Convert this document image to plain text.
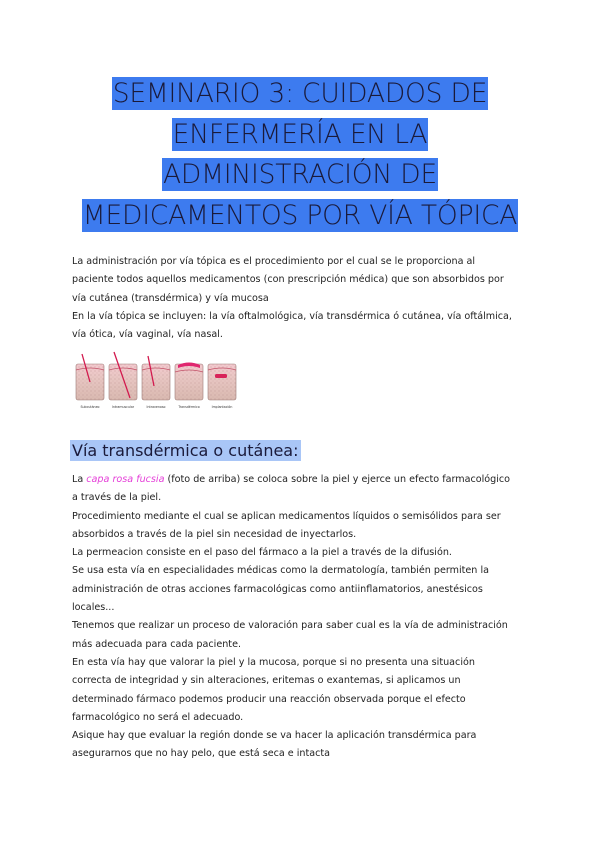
SEMINARIO 3: CUIDADOS DE
ENFERMERÍA EN LA
ADMINISTRACIÓN DE
MEDICAMENTOS POR VÍA TÓPICA
La administración por vía tópica es el procedimiento por el cual se le proporciona al
paciente todos aquellos medicamentos (con prescripción médica) que son absorbidos por
vía cutánea (transdérmica) y vía mucosa
En la vía tópica se incluyen: la vía oftalmológica, vía transdérmica ó cutánea, vía oftálmica,
vía ótica, vía vaginal, vía nasal.
Subcutáneo	Intramuscular	Intravenoso	Transdérmico	Implantación
Vía transdérmica o cutánea:
La capa rosa fucsia (foto de arriba) se coloca sobre la piel y ejerce un efecto farmacológico
a través de la piel.
Procedimiento mediante el cual se aplican medicamentos líquidos o semisólidos para ser
absorbidos a través de la piel sin necesidad de inyectarlos.
La permeacion consiste en el paso del fármaco a la piel a través de la difusión.
Se usa esta vía en especialidades médicas como la dermatología, también permiten la
administración de otras acciones farmacológicas como antiinflamatorios, anestésicos
locales...
Tenemos que realizar un proceso de valoración para saber cual es la vía de administración
más adecuada para cada paciente.
En esta vía hay que valorar la piel y la mucosa, porque si no presenta una situación
correcta de integridad y sin alteraciones, eritemas o exantemas, si aplicamos un
determinado fármaco podemos producir una reacción observada porque el efecto
farmacológico no será el adecuado.
Asique hay que evaluar la región donde se va hacer la aplicación transdérmica para
asegurarnos que no hay pelo, que está seca e intacta
